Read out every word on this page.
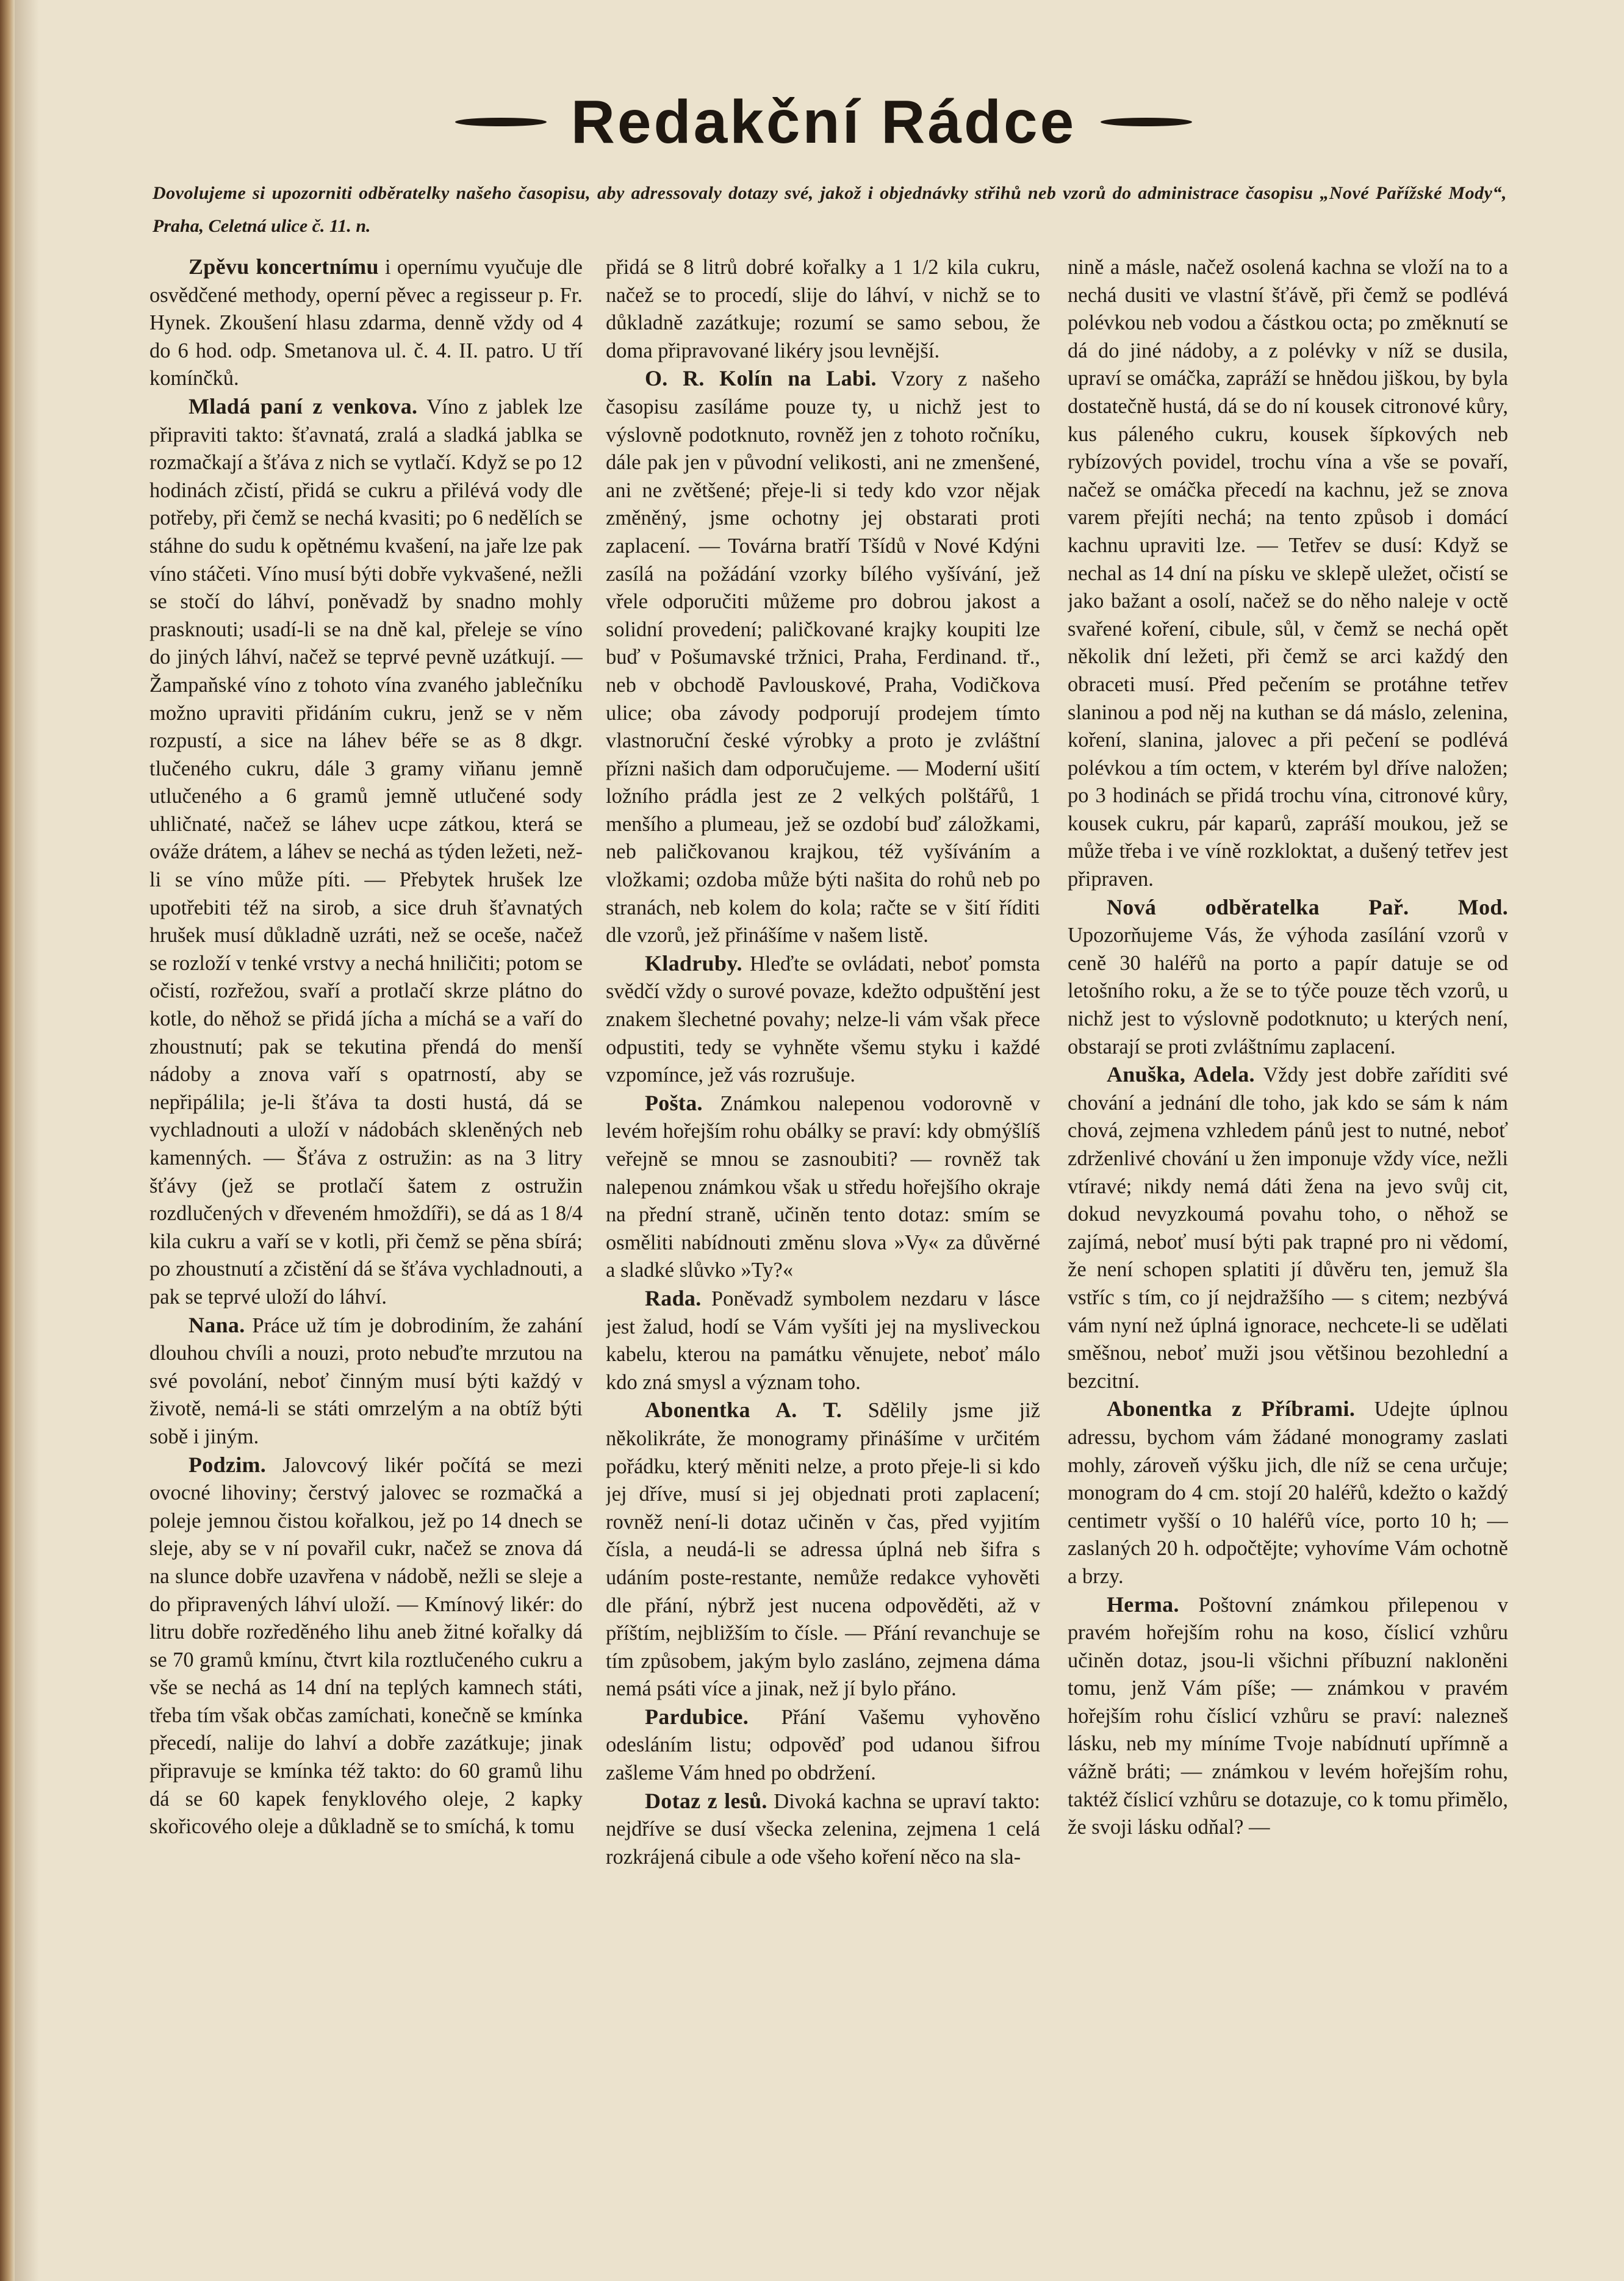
Redakční Rádce

Dovolujeme si upozorniti odběratelky našeho časopisu, aby adressovaly dotazy své, jakož i objednávky střihů neb vzorů do administrace časopisu „Nové Pařížské Mody“, Praha, Celetná ulice č. 11. n.

Zpěvu koncertnímu i opernímu vyučuje dle osvědčené methody, operní pěvec a regisseur p. Fr. Hynek. Zkoušení hlasu zdarma, denně vždy od 4 do 6 hod. odp. Smetanova ul. č. 4. II. patro. U tří komínčků.

Mladá paní z venkova. Víno z jablek lze připraviti takto: šťavnatá, zralá a sladká jablka se rozmačkají a šťáva z nich se vytlačí. Když se po 12 hodinách zčistí, přidá se cukru a přilévá vody dle potřeby, při čemž se nechá kvasiti; po 6 nedělích se stáhne do sudu k opětnému kvašení, na jaře lze pak víno stáčeti. Víno musí býti dobře vykvašené, nežli se stočí do láhví, poněvadž by snadno mohly prasknouti; usadí-li se na dně kal, přeleje se víno do jiných láhví, načež se teprvé pevně uzátkují. — Žampaňské víno z tohoto vína zvaného jablečníku možno upraviti přidáním cukru, jenž se v něm rozpustí, a sice na láhev béře se as 8 dkgr. tlučeného cukru, dále 3 gramy viňanu jemně utlučeného a 6 gramů jemně utlučené sody uhličnaté, načež se láhev ucpe zátkou, která se ováže drátem, a láhev se nechá as týden ležeti, než-li se víno může píti. — Přebytek hrušek lze upotřebiti též na sirob, a sice druh šťavnatých hrušek musí důkladně uzráti, než se oceše, načež se rozloží v tenké vrstvy a nechá hniličiti; potom se očistí, rozřežou, svaří a protlačí skrze plátno do kotle, do něhož se přidá jícha a míchá se a vaří do zhoustnutí; pak se tekutina přendá do menší nádoby a znova vaří s opatrností, aby se nepřipálila; je-li šťáva ta dosti hustá, dá se vychladnouti a uloží v nádobách skleněných neb kamenných. — Šťáva z ostružin: as na 3 litry šťávy (jež se protlačí šatem z ostružin rozdlučených v dřeveném hmoždíři), se dá as 1 8/4 kila cukru a vaří se v kotli, při čemž se pěna sbírá; po zhoustnutí a zčistění dá se šťáva vychladnouti, a pak se teprvé uloží do láhví.

Nana. Práce už tím je dobrodiním, že zahání dlouhou chvíli a nouzi, proto nebuďte mrzutou na své povolání, neboť činným musí býti každý v životě, nemá-li se státi omrzelým a na obtíž býti sobě i jiným.

Podzim. Jalovcový likér počítá se mezi ovocné lihoviny; čerstvý jalovec se rozmačká a poleje jemnou čistou kořalkou, jež po 14 dnech se sleje, aby se v ní povařil cukr, načež se znova dá na slunce dobře uzavřena v nádobě, nežli se sleje a do připravených láhví uloží. — Kmínový likér: do litru dobře rozředěného lihu aneb žitné kořalky dá se 70 gramů kmínu, čtvrt kila roztlučeného cukru a vše se nechá as 14 dní na teplých kamnech státi, třeba tím však občas zamíchati, konečně se kmínka přecedí, nalije do lahví a dobře zazátkuje; jinak připravuje se kmínka též takto: do 60 gramů lihu dá se 60 kapek fenyklového oleje, 2 kapky skořicového oleje a důkladně se to smíchá, k tomu

přidá se 8 litrů dobré kořalky a 1 1/2 kila cukru, načež se to procedí, slije do láhví, v nichž se to důkladně zazátkuje; rozumí se samo sebou, že doma připravované likéry jsou levnější.

O. R. Kolín na Labi. Vzory z našeho časopisu zasíláme pouze ty, u nichž jest to výslovně podotknuto, rovněž jen z tohoto ročníku, dále pak jen v původní velikosti, ani ne zmenšené, ani ne zvětšené; přeje-li si tedy kdo vzor nějak změněný, jsme ochotny jej obstarati proti zaplacení. — Továrna bratří Tšídů v Nové Kdýni zasílá na požádání vzorky bílého vyšívání, jež vřele odporučiti můžeme pro dobrou jakost a solidní provedení; paličkované krajky koupiti lze buď v Pošumavské tržnici, Praha, Ferdinand. tř., neb v obchodě Pavlouskové, Praha, Vodičkova ulice; oba závody podporují prodejem tímto vlastnoruční české výrobky a proto je zvláštní přízni našich dam odporučujeme. — Moderní ušití ložního prádla jest ze 2 velkých polštářů, 1 menšího a plumeau, jež se ozdobí buď záložkami, neb paličkovanou krajkou, též vyšíváním a vložkami; ozdoba může býti našita do rohů neb po stranách, neb kolem do kola; račte se v šití říditi dle vzorů, jež přinášíme v našem listě.

Kladruby. Hleďte se ovládati, neboť pomsta svědčí vždy o surové povaze, kdežto odpuštění jest znakem šlechetné povahy; nelze-li vám však přece odpustiti, tedy se vyhněte všemu styku i každé vzpomínce, jež vás rozrušuje.

Pošta. Známkou nalepenou vodorovně v levém hořejším rohu obálky se praví: kdy obmýšlíš veřejně se mnou se zasnoubiti? — rovněž tak nalepenou známkou však u středu hořejšího okraje na přední straně, učiněn tento dotaz: smím se osměliti nabídnouti změnu slova »Vy« za důvěrné a sladké slůvko »Ty?«

Rada. Poněvadž symbolem nezdaru v lásce jest žalud, hodí se Vám vyšíti jej na mysliveckou kabelu, kterou na památku věnujete, neboť málo kdo zná smysl a význam toho.

Abonentka A. T. Sdělily jsme již několikráte, že monogramy přinášíme v určitém pořádku, který měniti nelze, a proto přeje-li si kdo jej dříve, musí si jej objednati proti zaplacení; rovněž není-li dotaz učiněn v čas, před vyjitím čísla, a neudá-li se adressa úplná neb šifra s udáním poste-restante, nemůže redakce vyhověti dle přání, nýbrž jest nucena odpověděti, až v příštím, nejbližším to čísle. — Přání revanchuje se tím způsobem, jakým bylo zasláno, zejmena dáma nemá psáti více a jinak, než jí bylo přáno.

Pardubice. Přání Vašemu vyhověno odesláním listu; odpověď pod udanou šifrou zašleme Vám hned po obdržení.

Dotaz z lesů. Divoká kachna se upraví takto: nejdříve se dusí všecka zelenina, zejmena 1 celá rozkrájená cibule a ode všeho koření něco na sla-

nině a másle, načež osolená kachna se vloží na to a nechá dusiti ve vlastní šťávě, při čemž se podlévá polévkou neb vodou a částkou octa; po změknutí se dá do jiné nádoby, a z polévky v níž se dusila, upraví se omáčka, zapráží se hnědou jiškou, by byla dostatečně hustá, dá se do ní kousek citronové kůry, kus páleného cukru, kousek šípkových neb rybízových povidel, trochu vína a vše se povaří, načež se omáčka přecedí na kachnu, jež se znova varem přejíti nechá; na tento způsob i domácí kachnu upraviti lze. — Tetřev se dusí: Když se nechal as 14 dní na písku ve sklepě uležet, očistí se jako bažant a osolí, načež se do něho naleje v octě svařené koření, cibule, sůl, v čemž se nechá opět několik dní ležeti, při čemž se arci každý den obraceti musí. Před pečením se protáhne tetřev slaninou a pod něj na kuthan se dá máslo, zelenina, koření, slanina, jalovec a při pečení se podlévá polévkou a tím octem, v kterém byl dříve naložen; po 3 hodinách se přidá trochu vína, citronové kůry, kousek cukru, pár kaparů, zapráší moukou, jež se může třeba i ve víně rozkloktat, a dušený tetřev jest připraven.

Nová odběratelka Pař. Mod. Upozorňujeme Vás, že výhoda zasílání vzorů v ceně 30 haléřů na porto a papír datuje se od letošního roku, a že se to týče pouze těch vzorů, u nichž jest to výslovně podotknuto; u kterých není, obstarají se proti zvláštnímu zaplacení.

Anuška, Adela. Vždy jest dobře zaříditi své chování a jednání dle toho, jak kdo se sám k nám chová, zejmena vzhledem pánů jest to nutné, neboť zdrženlivé chování u žen imponuje vždy více, nežli vtíravé; nikdy nemá dáti žena na jevo svůj cit, dokud nevyzkoumá povahu toho, o něhož se zajímá, neboť musí býti pak trapné pro ni vědomí, že není schopen splatiti jí důvěru ten, jemuž šla vstříc s tím, co jí nejdražšího — s citem; nezbývá vám nyní než úplná ignorace, nechcete-li se udělati směšnou, neboť muži jsou většinou bezohlední a bezcitní.

Abonentka z Příbrami. Udejte úplnou adressu, bychom vám žádané monogramy zaslati mohly, zároveň výšku jich, dle níž se cena určuje; monogram do 4 cm. stojí 20 haléřů, kdežto o každý centimetr vyšší o 10 haléřů více, porto 10 h; — zaslaných 20 h. odpočtějte; vyhovíme Vám ochotně a brzy.

Herma. Poštovní známkou přilepenou v pravém hořejším rohu na koso, číslicí vzhůru učiněn dotaz, jsou-li všichni příbuzní nakloněni tomu, jenž Vám píše; — známkou v pravém hořejším rohu číslicí vzhůru se praví: nalezneš lásku, neb my míníme Tvoje nabídnutí upřímně a vážně bráti; — známkou v levém hořejším rohu, taktéž číslicí vzhůru se dotazuje, co k tomu přimělo, že svoji lásku odňal? —
